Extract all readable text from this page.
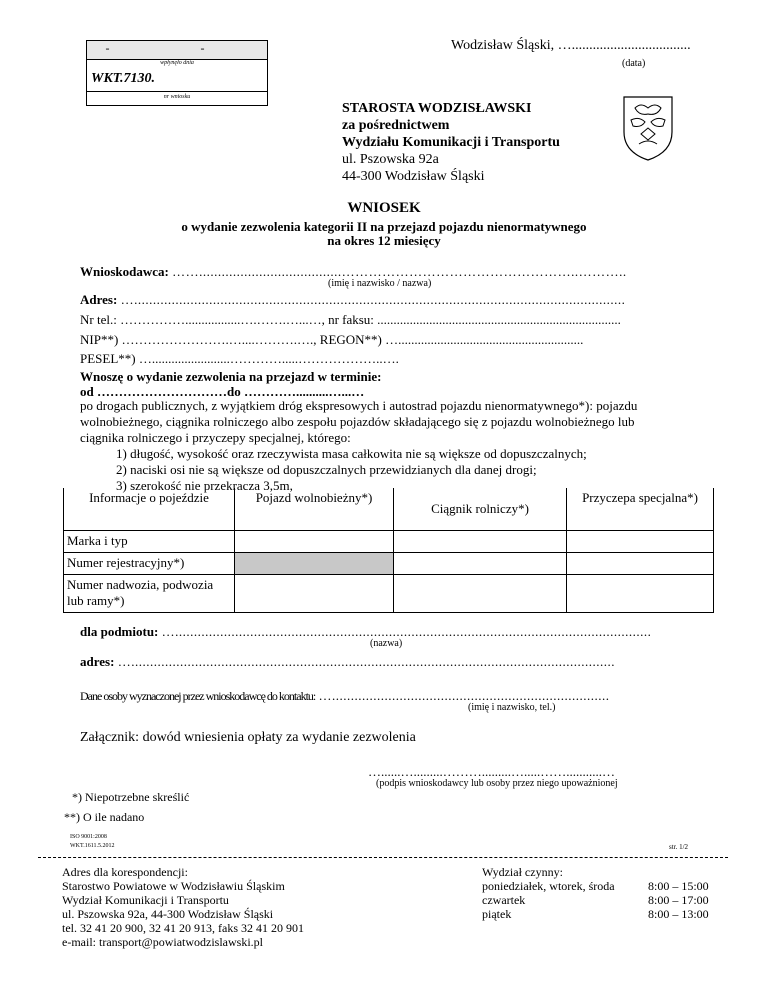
- -
wpłynęło dnia
WKT.7130.
nr wniosku
Wodzisław Śląski, …..................................
(data)
STAROSTA WODZISŁAWSKI
za pośrednictwem
Wydziału Komunikacji i Transportu
ul. Pszowska 92a
44-300 Wodzisław Śląski
WNIOSEK
o wydanie zezwolenia kategorii II na przejazd pojazdu nienormatywnego
na okres 12 miesięcy
Wnioskodawca: ……......................................……………………………………………..………..
(imię i nazwisko / nazwa)
Adres: …...................................................................................................................................
Nr tel.: …………….................….…….…...…, nr faksu: ...........................................................................
NIP**) …………………….…....……….…., REGON**) ….........................................................
PESEL**) …........................………….....………………..….
Wnoszę o wydanie zezwolenia na przejazd w terminie:
od …………………………do …………..........…...…
po drogach publicznych, z wyjątkiem dróg ekspresowych i autostrad pojazdu nienormatywnego*): pojazdu
wolnobieżnego, ciągnika rolniczego albo zespołu pojazdów składającego się z pojazdu wolnobieżnego lub
ciągnika rolniczego i przyczepy specjalnej, którego:
1) długość, wysokość oraz rzeczywista masa całkowita nie są większe od dopuszczalnych;
2) naciski osi nie są większe od dopuszczalnych przewidzianych dla danej drogi;
3) szerokość nie przekracza 3,5m,
Informacje o pojeździe	Pojazd wolnobieżny*)	Ciągnik rolniczy*)	Przyczepa specjalna*)
Marka i typ			
Numer rejestracyjny*)			
Numer nadwozia, podwozia lub ramy*)			
dla podmiotu: …...............................................................................................................................
(nazwa)
adres: ….................................................................................................................................
Dane osoby wyznaczonej przez wnioskodawcę do kontaktu: …..........................................................................
(imię i nazwisko, tel.)
Załącznik: dowód wniesienia opłaty za wydanie zezwolenia
…......….........……….........….....……...........…
(podpis wnioskodawcy lub osoby przez niego upoważnionej
*) Niepotrzebne skreślić
**) O ile nadano
ISO 9001:2008
WKT.1611.5.2012	str. 1/2
Adres dla korespondencji:
Starostwo Powiatowe w Wodzisławiu Śląskim
Wydział Komunikacji i Transportu
ul. Pszowska 92a, 44-300 Wodzisław Śląski
tel. 32 41 20 900, 32 41 20 913, faks 32 41 20 901
e-mail: transport@powiatwodzislawski.pl
Wydział czynny:
poniedziałek, wtorek, środa	8:00 – 15:00
czwartek	8:00 – 17:00
piątek	8:00 – 13:00
